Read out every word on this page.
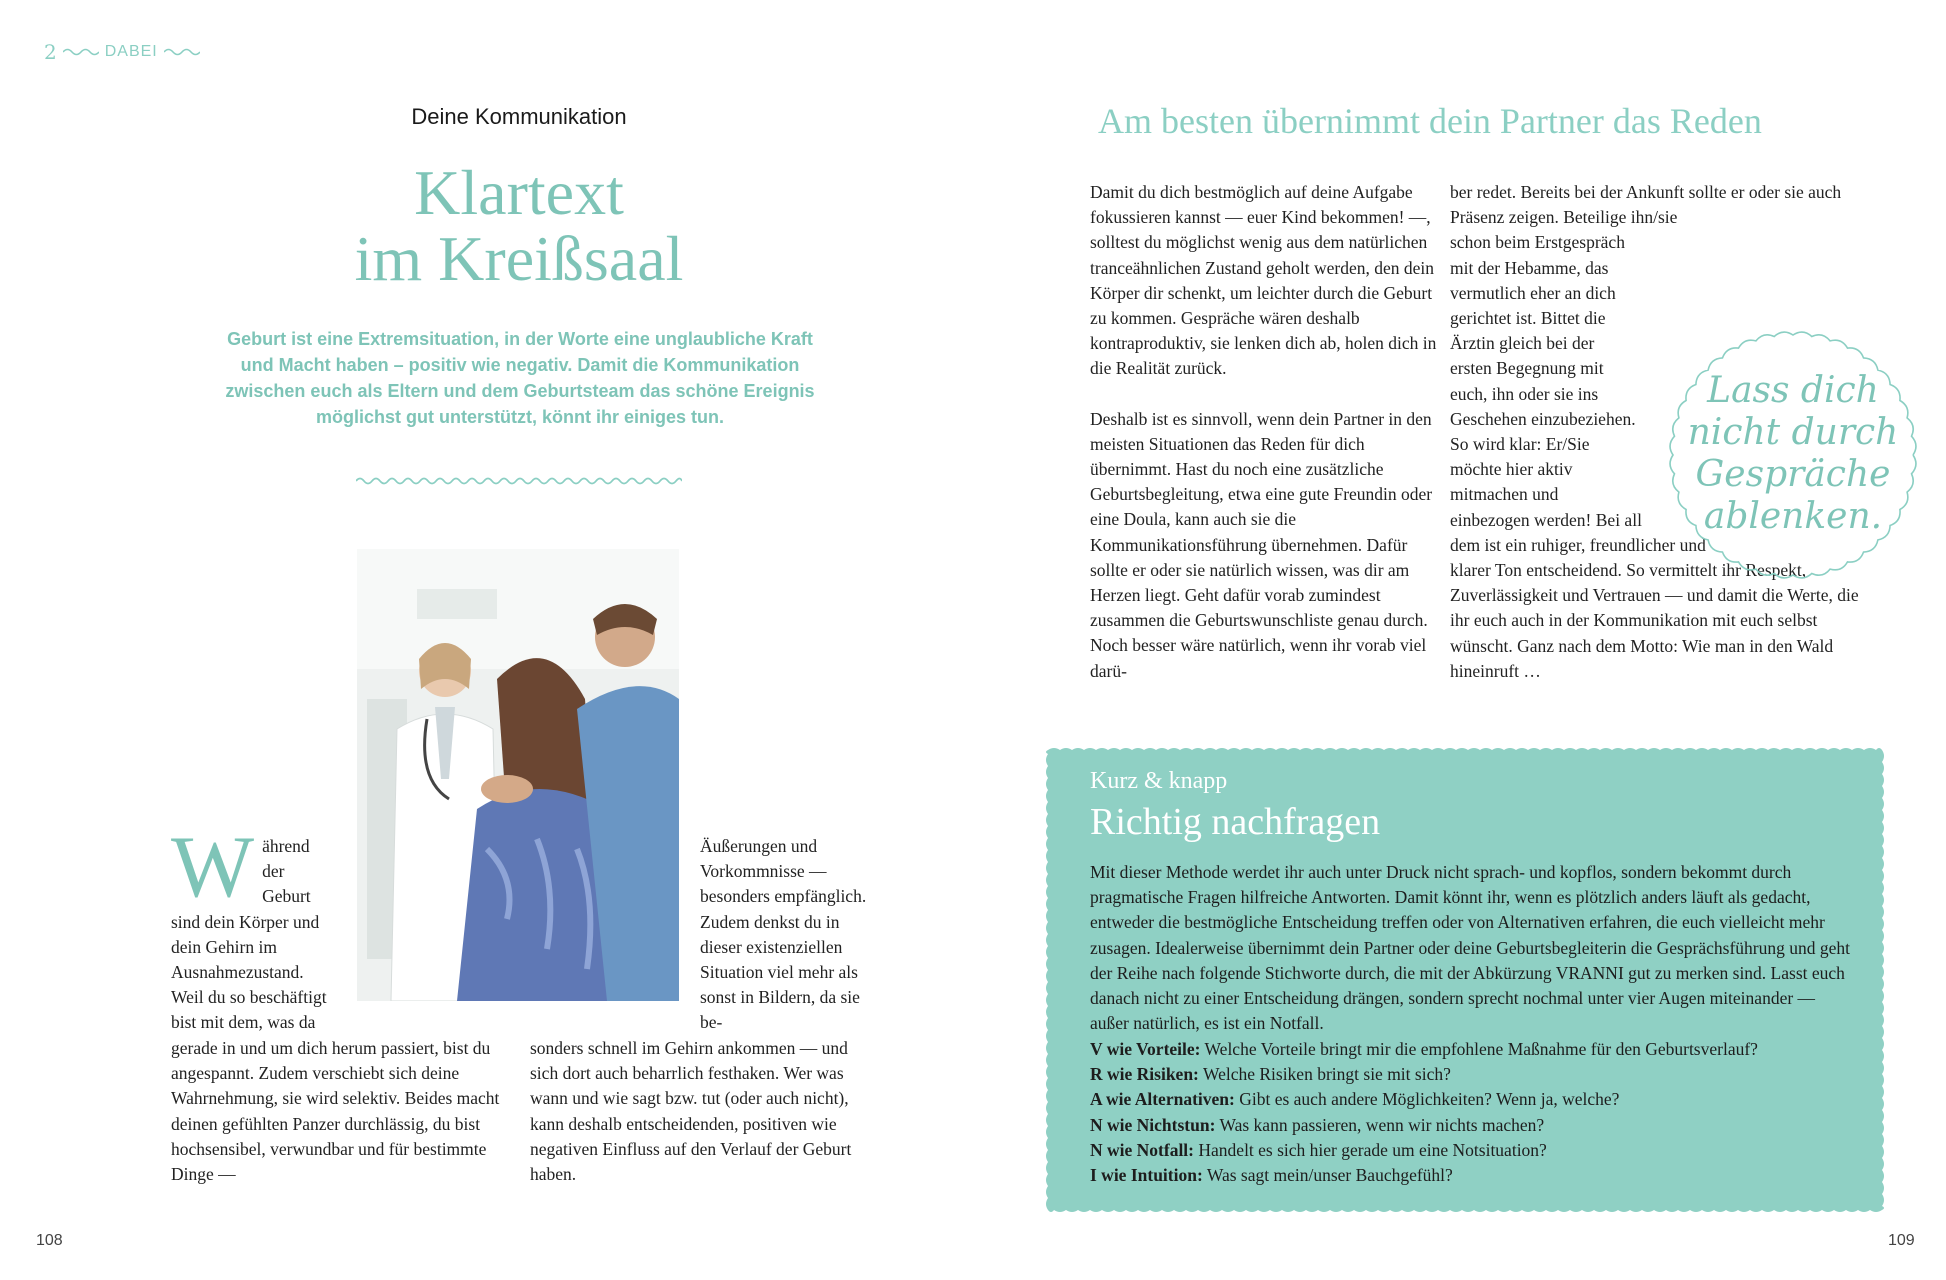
2	DABEI
Deine Kommunikation
Klartext
im Kreißsaal
Geburt ist eine Extremsituation, in der Worte eine unglaubliche Kraft und Macht haben – positiv wie negativ. Damit die Kommunikation zwischen euch als Eltern und dem Geburtsteam das schöne Ereignis möglichst gut unterstützt, könnt ihr einiges tun.
Während der Geburt sind dein Körper und dein Gehirn im Ausnahmezustand. Weil du so beschäftigt bist mit dem, was da
gerade in und um dich herum passiert, bist du angespannt. Zudem verschiebt sich deine Wahrnehmung, sie wird selektiv. Beides macht deinen gefühlten Panzer durchlässig, du bist hochsensibel, verwundbar und für bestimmte Dinge —
Äußerungen und Vorkommnisse — besonders empfänglich. Zudem denkst du in dieser existenziellen Situation viel mehr als sonst in Bildern, da sie be-
sonders schnell im Gehirn ankommen — und sich dort auch beharrlich festhaken. Wer was wann und wie sagt bzw. tut (oder auch nicht), kann deshalb entscheidenden, positiven wie negativen Einfluss auf den Verlauf der Geburt haben.
Am besten übernimmt dein Partner das Reden

Damit du dich bestmöglich auf deine Aufgabe fokussieren kannst — euer Kind bekommen! —, solltest du möglichst wenig aus dem natürlichen tranceähnlichen Zustand geholt werden, den dein Körper dir schenkt, um leichter durch die Geburt zu kommen. Gespräche wären deshalb kontraproduktiv, sie lenken dich ab, holen dich in die Realität zurück.

Deshalb ist es sinnvoll, wenn dein Partner in den meisten Situationen das Reden für dich übernimmt. Hast du noch eine zusätzliche Geburtsbegleitung, etwa eine gute Freundin oder eine Doula, kann auch sie die Kommunikationsführung übernehmen. Dafür sollte er oder sie natürlich wissen, was dir am Herzen liegt. Geht dafür vorab zumindest zusammen die Geburtswunschliste genau durch. Noch besser wäre natürlich, wenn ihr vorab viel darü-

ber redet. Bereits bei der Ankunft sollte er oder sie auch Präsenz zeigen. Beteilige ihn/sie schon beim Erstgespräch mit der Hebamme, das vermutlich eher an dich gerichtet ist. Bittet die Ärztin gleich bei der ersten Begegnung mit euch, ihn oder sie ins Geschehen einzubeziehen. So wird klar: Er/Sie möchte hier aktiv mitmachen und einbezogen werden! Bei all dem ist ein ruhiger, freundlicher und klarer Ton entscheidend. So vermittelt ihr Respekt, Zuverlässigkeit und Vertrauen — und damit die Werte, die ihr euch auch in der Kommunikation mit euch selbst wünscht. Ganz nach dem Motto: Wie man in den Wald hineinruft …
Lass dich
nicht durch
Gespräche
ablenken.
Kurz & knapp
Richtig nachfragen
Mit dieser Methode werdet ihr auch unter Druck nicht sprach- und kopflos, sondern bekommt durch pragmatische Fragen hilfreiche Antworten. Damit könnt ihr, wenn es plötzlich anders läuft als gedacht, entweder die bestmögliche Entscheidung treffen oder von Alternativen erfahren, die euch vielleicht mehr zusagen. Idealerweise übernimmt dein Partner oder deine Geburtsbegleiterin die Gesprächsführung und geht der Reihe nach folgende Stichworte durch, die mit der Abkürzung VRANNI gut zu merken sind. Lasst euch danach nicht zu einer Entscheidung drängen, sondern sprecht nochmal unter vier Augen miteinander — außer natürlich, es ist ein Notfall.
V wie Vorteile: Welche Vorteile bringt mir die empfohlene Maßnahme für den Geburtsverlauf?
R wie Risiken: Welche Risiken bringt sie mit sich?
A wie Alternativen: Gibt es auch andere Möglichkeiten? Wenn ja, welche?
N wie Nichtstun: Was kann passieren, wenn wir nichts machen?
N wie Notfall: Handelt es sich hier gerade um eine Notsituation?
I wie Intuition: Was sagt mein/unser Bauchgefühl?
108	109
